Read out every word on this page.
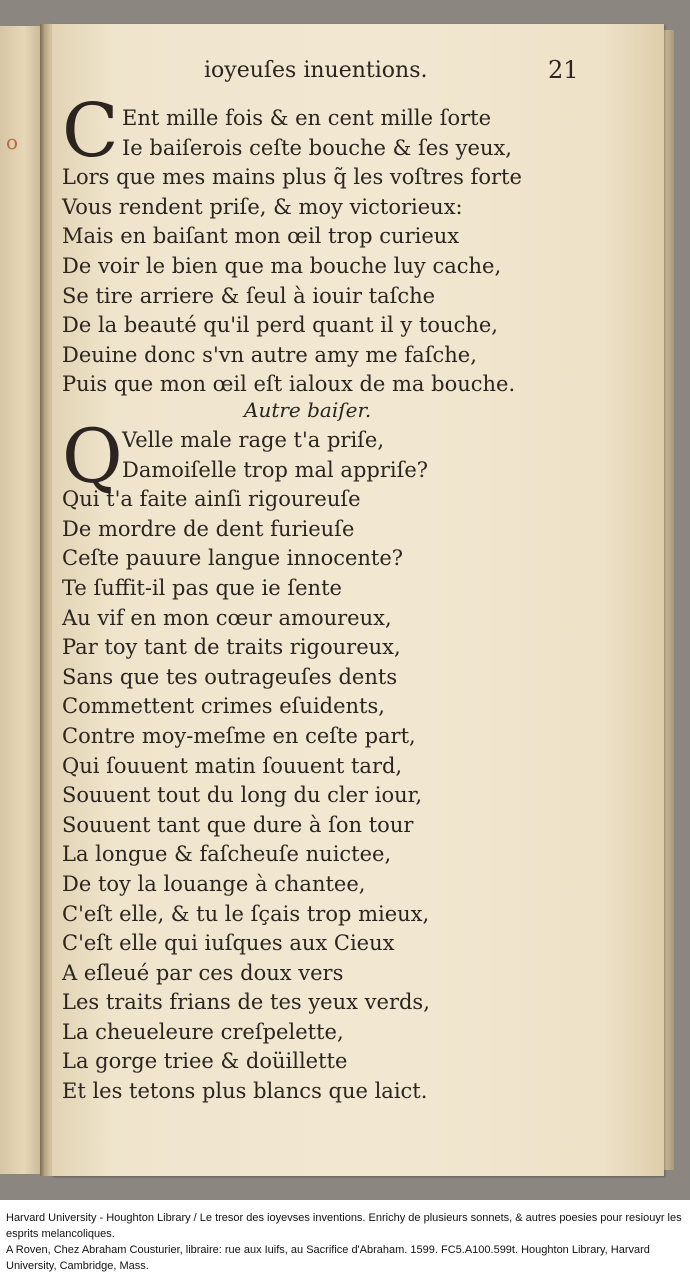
o
ioyeuſes inuentions.	21
C Ent mille fois & en cent mille ſorte
Ie baiſerois ceſte bouche & ſes yeux,
Lors que mes mains plus q̃ les voſtres forte
Vous rendent priſe, & moy victorieux:
Mais en baiſant mon œil trop curieux
De voir le bien que ma bouche luy cache,
Se tire arriere & ſeul à iouir taſche
De la beauté qu'il perd quant il y touche,
Deuine donc s'vn autre amy me faſche,
Puis que mon œil eſt ialoux de ma bouche.
Autre baiſer.
Q Velle male rage t'a priſe,
Damoiſelle trop mal appriſe?
Qui t'a faite ainſi rigoureuſe
De mordre de dent furieuſe
Ceſte pauure langue innocente?
Te ſuffit-il pas que ie ſente
Au vif en mon cœur amoureux,
Par toy tant de traits rigoureux,
Sans que tes outrageuſes dents
Commettent crimes eſuidents,
Contre moy-meſme en ceſte part,
Qui ſouuent matin ſouuent tard,
Souuent tout du long du cler iour,
Souuent tant que dure à ſon tour
La longue & faſcheuſe nuictee,
De toy la louange à chantee,
C'eſt elle, & tu le ſçais trop mieux,
C'eſt elle qui iuſques aux Cieux
A eſleué par ces doux vers
Les traits frians de tes yeux verds,
La cheueleure creſpelette,
La gorge triee & doüillette
Et les tetons plus blancs que laict.
Harvard University - Houghton Library / Le tresor des ioyevses inventions. Enrichy de plusieurs sonnets, & autres poesies pour resiouyr les esprits melancoliques.
A Roven, Chez Abraham Cousturier, libraire: rue aux Iuifs, au Sacrifice d'Abraham. 1599. FC5.A100.599t. Houghton Library, Harvard University, Cambridge, Mass.
